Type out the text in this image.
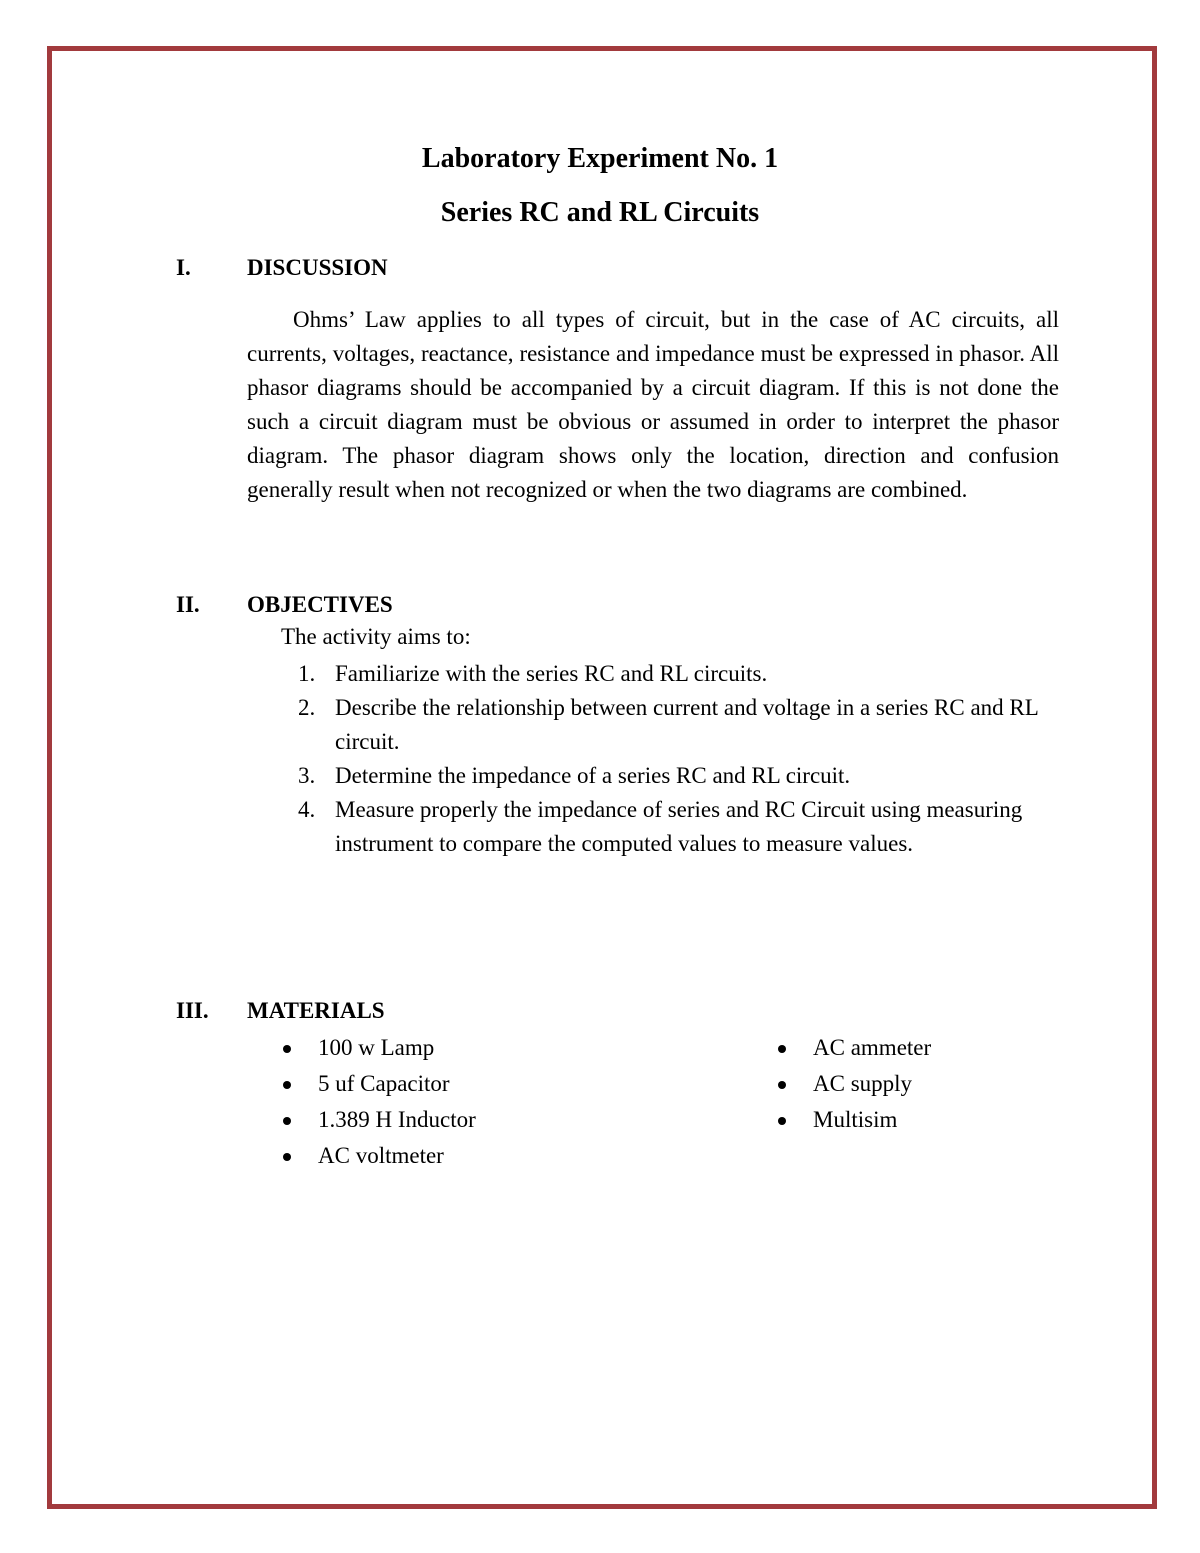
Laboratory Experiment No. 1
Series RC and RL Circuits
I. DISCUSSION

Ohms’ Law applies to all types of circuit, but in the case of AC circuits, all currents, voltages, reactance, resistance and impedance must be expressed in phasor. All phasor diagrams should be accompanied by a circuit diagram. If this is not done the such a circuit diagram must be obvious or assumed in order to interpret the phasor diagram. The phasor diagram shows only the location, direction and confusion generally result when not recognized or when the two diagrams are combined.

II. OBJECTIVES
The activity aims to:
1. Familiarize with the series RC and RL circuits.
2. Describe the relationship between current and voltage in a series RC and RL circuit.
3. Determine the impedance of a series RC and RL circuit.
4. Measure properly the impedance of series and RC Circuit using measuring instrument to compare the computed values to measure values.
III. MATERIALS
100 w Lamp
5 uf Capacitor
1.389 H Inductor
AC voltmeter
AC ammeter
AC supply
Multisim
